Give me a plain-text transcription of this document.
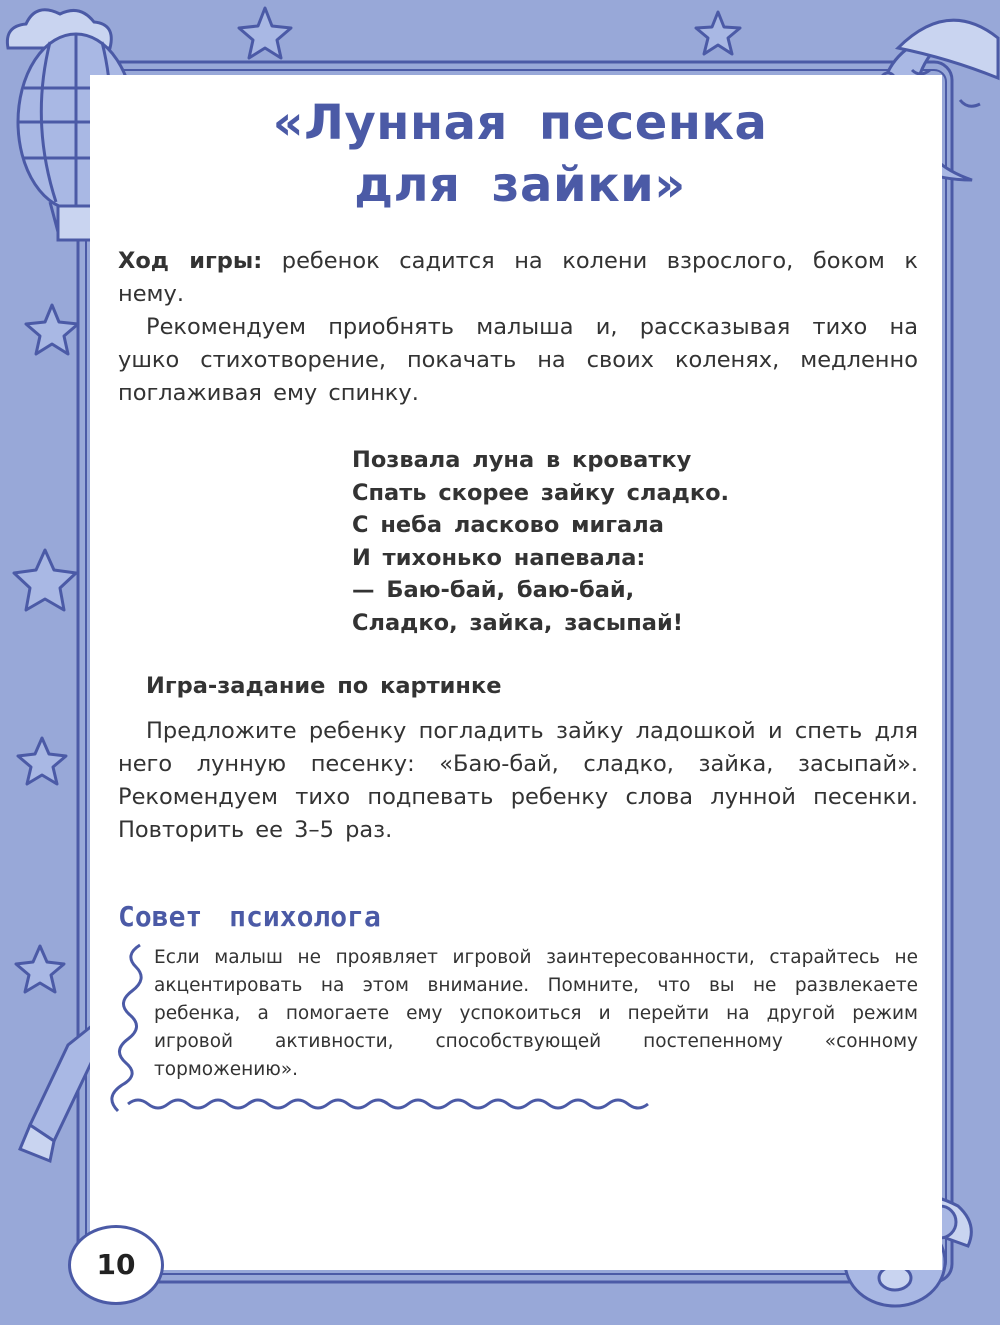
«Лунная песенка
для зайки»

Ход игры: ребенок садится на колени взрослого, боком к нему.

Рекомендуем приобнять малыша и, рассказывая тихо на ушко стихотворение, покачать на своих коленях, медленно поглаживая ему спинку.

Позвала луна в кроватку
Спать скорее зайку сладко.
С неба ласково мигала
И тихонько напевала:
— Баю-бай, баю-бай,
Сладко, зайка, засыпай!
Игра-задание по картинке

Предложите ребенку погладить зайку ладошкой и спеть для него лунную песенку: «Баю-бай, сладко, зайка, засыпай». Рекомендуем тихо подпевать ребенку слова лунной песенки. Повторить ее 3–5 раз.

Совет психолога

Если малыш не проявляет игровой заинтересованности, старайтесь не акцентировать на этом внимание. Помните, что вы не развлекаете ребенка, а помогаете ему успокоиться и перейти на другой режим игровой активности, способствующей постепенному «сонному торможению».

10
